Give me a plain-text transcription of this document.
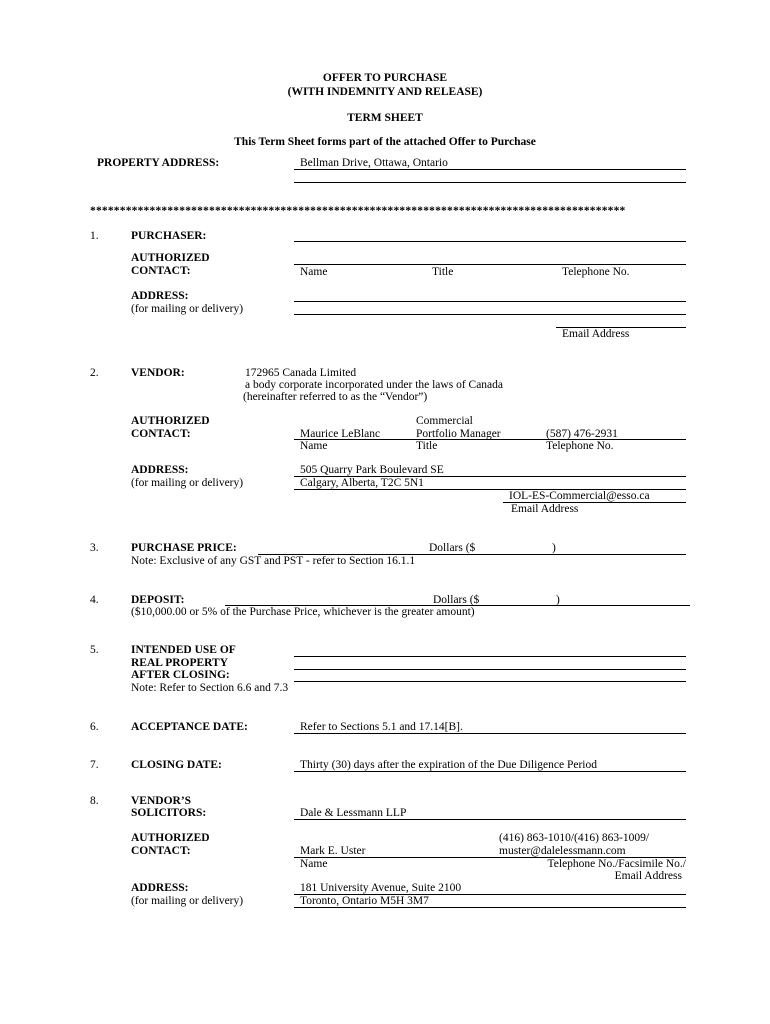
OFFER TO PURCHASE
(WITH INDEMNITY AND RELEASE)
TERM SHEET
This Term Sheet forms part of the attached Offer to Purchase
PROPERTY ADDRESS:	Bellman Drive, Ottawa, Ontario
******************************************************************************************
1.	PURCHASER:
AUTHORIZED
CONTACT:	Name	Title	Telephone No.
ADDRESS:
(for mailing or delivery)
Email Address
2.	VENDOR:	172965 Canada Limited
a body corporate incorporated under the laws of Canada
(hereinafter referred to as the “Vendor”)
AUTHORIZED
CONTACT:
Commercial
Maurice LeBlanc	Portfolio Manager	(587) 476-2931
Name	Title	Telephone No.
ADDRESS:
(for mailing or delivery)
505 Quarry Park Boulevard SE
Calgary, Alberta, T2C 5N1
IOL-ES-Commercial@esso.ca
Email Address
3.	PURCHASE PRICE:	Dollars ($	)
Note: Exclusive of any GST and PST - refer to Section 16.1.1
4.	DEPOSIT:	Dollars ($	)
($10,000.00 or 5% of the Purchase Price, whichever is the greater amount)
5.	INTENDED USE OF
REAL PROPERTY
AFTER CLOSING:
Note: Refer to Section 6.6 and 7.3
6.	ACCEPTANCE DATE:	Refer to Sections 5.1 and 17.14[B].
7.	CLOSING DATE:	Thirty (30) days after the expiration of the Due Diligence Period
8.	VENDOR’S
SOLICITORS:	Dale & Lessmann LLP
AUTHORIZED
CONTACT:
(416) 863-1010/(416) 863-1009/
Mark E. Uster	muster@dalelessmann.com
Name	Telephone No./Facsimile No./
Email Address
ADDRESS:
(for mailing or delivery)
181 University Avenue, Suite 2100
Toronto, Ontario M5H 3M7
